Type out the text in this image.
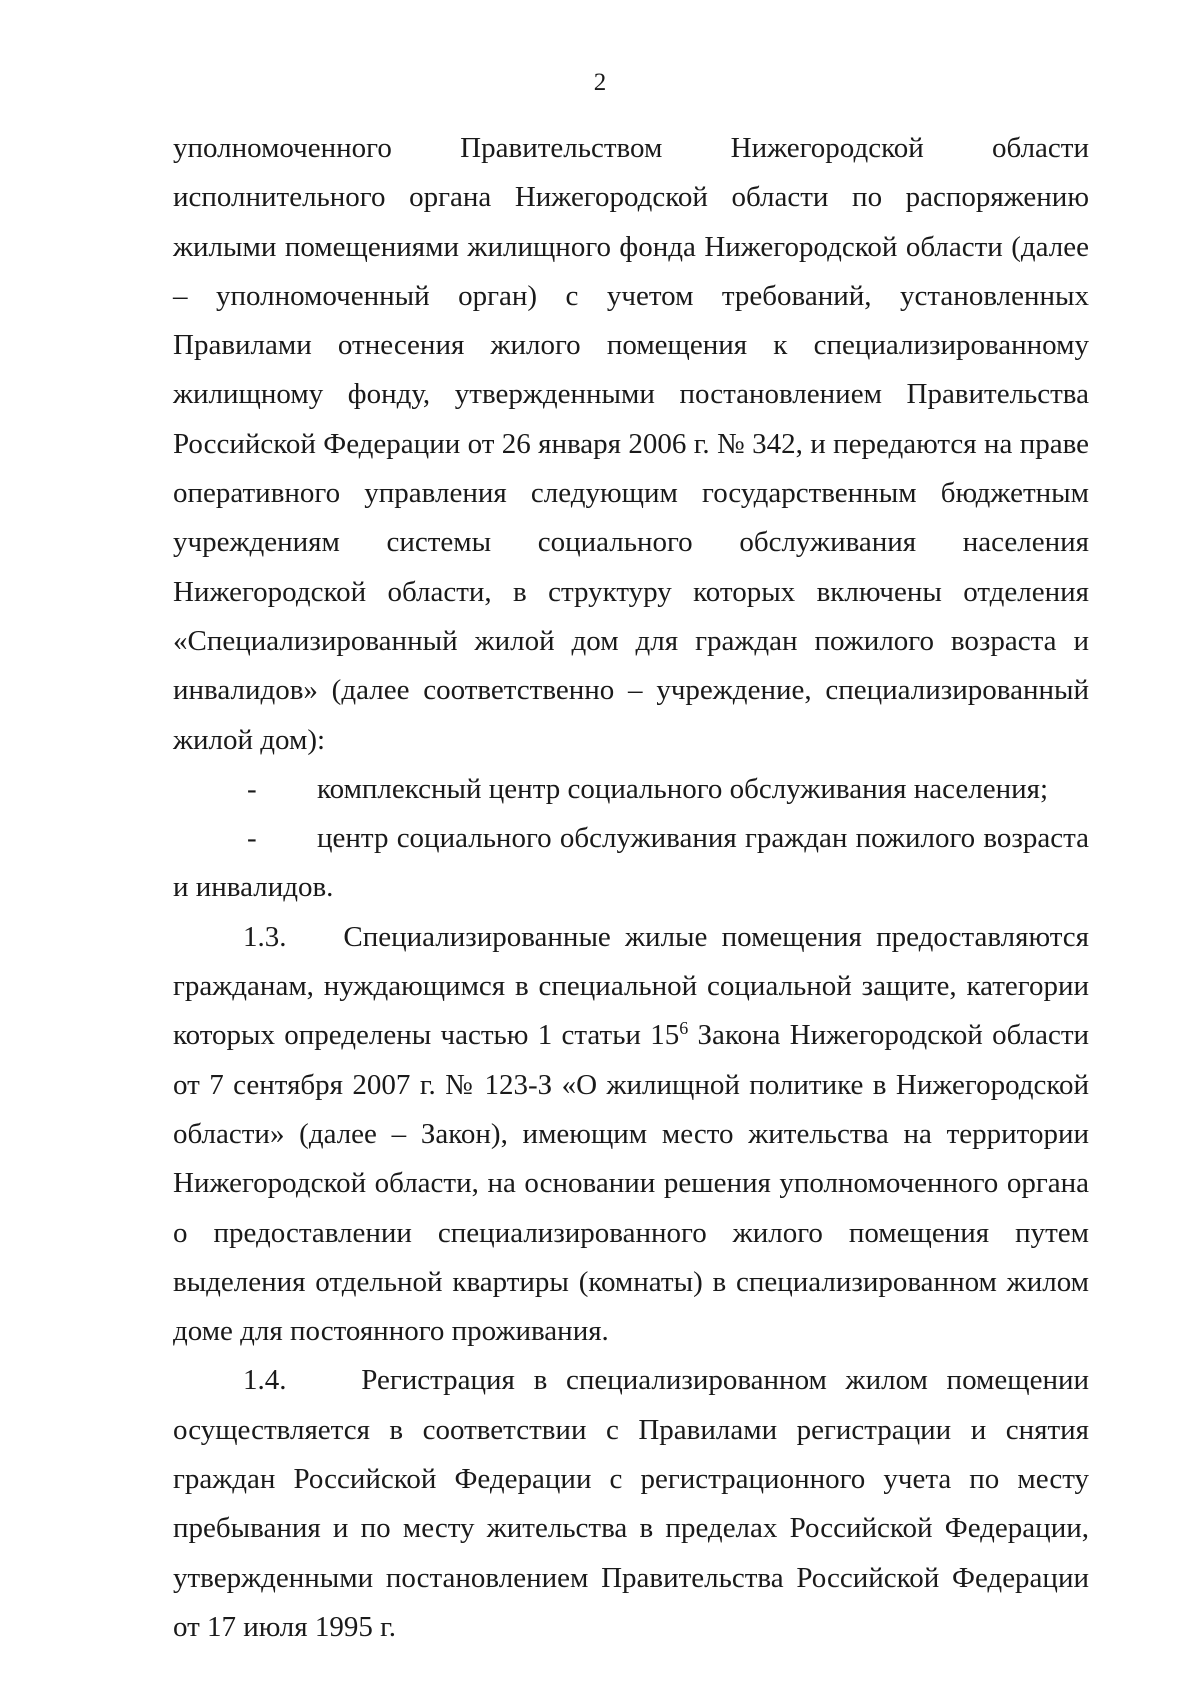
2

уполномоченного Правительством Нижегородской области исполнительного органа Нижегородской области по распоряжению жилыми помещениями жилищного фонда Нижегородской области (далее – уполномоченный орган) с учетом требований, установленных Правилами отнесения жилого помещения к специализированному жилищному фонду, утвержденными постановлением Правительства Российской Федерации от 26 января 2006 г. № 342, и передаются на праве оперативного управления следующим государственным бюджетным учреждениям системы социального обслуживания населения Нижегородской области, в структуру которых включены отделения «Специализированный жилой дом для граждан пожилого возраста и инвалидов» (далее соответственно – учреждение, специализированный жилой дом):

- комплексный центр социального обслуживания населения;

- центр социального обслуживания граждан пожилого возраста и инвалидов.

1.3. Специализированные жилые помещения предоставляются гражданам, нуждающимся в специальной социальной защите, категории которых определены частью 1 статьи $15^6$ Закона Нижегородской области от 7 сентября 2007 г. № 123-З «О жилищной политике в Нижегородской области» (далее – Закон), имеющим место жительства на территории Нижегородской области, на основании решения уполномоченного органа о предоставлении специализированного жилого помещения путем выделения отдельной квартиры (комнаты) в специализированном жилом доме для постоянного проживания.

1.4.	Регистрация в специализированном жилом помещении осуществляется в соответствии с Правилами регистрации и снятия граждан Российской Федерации с регистрационного учета по месту пребывания и по месту жительства в пределах Российской Федерации, утвержденными постановлением Правительства Российской Федерации от 17 июля 1995 г.
